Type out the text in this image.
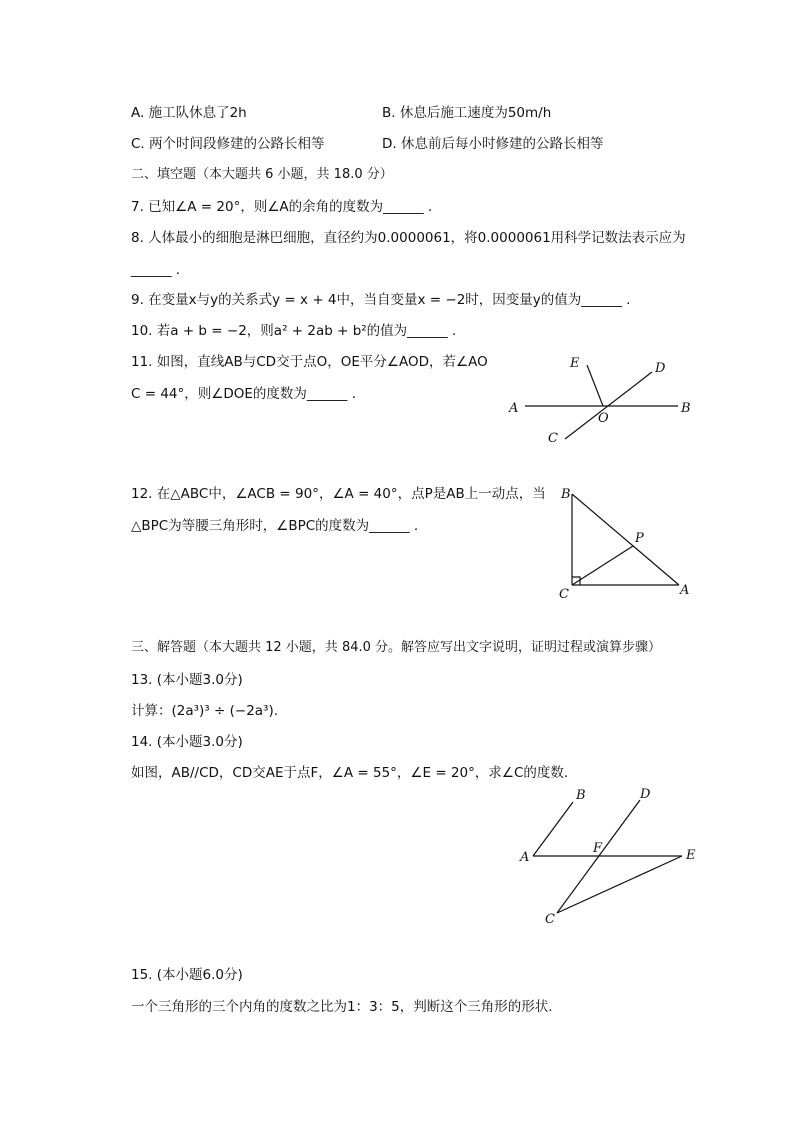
A. 施工队休息了2h	B. 休息后施工速度为50m/h
C. 两个时间段修建的公路长相等	D. 休息前后每小时修建的公路长相等
二、填空题（本大题共 6 小题，共 18.0 分）
7. 已知∠A = 20°，则∠A的余角的度数为______ .
8. 人体最小的细胞是淋巴细胞，直径约为0.0000061，将0.0000061用科学记数法表示应为
______ .
9. 在变量x与y的关系式y = x + 4中，当自变量x = −2时，因变量y的值为______ .
10. 若a + b = −2，则a² + 2ab + b²的值为______ .
11. 如图，直线AB与CD交于点O，OE平分∠AOD，若∠AO
C = 44°，则∠DOE的度数为______ .
A	B
C
D
E
O
12. 在△ABC中，∠ACB = 90°，∠A = 40°，点P是AB上一动点，当
△BPC为等腰三角形时，∠BPC的度数为______ .
B
C	A
P
三、解答题（本大题共 12 小题，共 84.0 分。解答应写出文字说明，证明过程或演算步骤）
13. (本小题3.0分)
计算：(2a³)³ ÷ (−2a³).
14. (本小题3.0分)
如图，AB//CD，CD交AE于点F，∠A = 55°，∠E = 20°，求∠C的度数.
A
B
C
D
E
F
15. (本小题6.0分)
一个三角形的三个内角的度数之比为1：3：5，判断这个三角形的形状.
